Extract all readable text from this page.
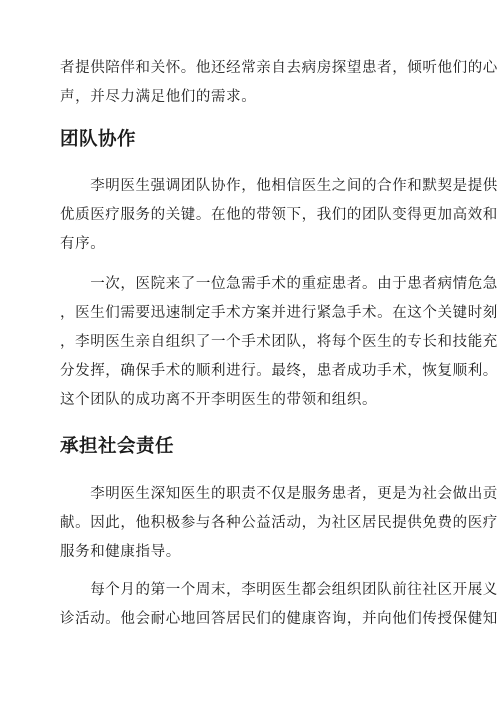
者提供陪伴和关怀。他还经常亲自去病房探望患者，倾听他们的心
声，并尽力满足他们的需求。
团队协作
　　李明医生强调团队协作，他相信医生之间的合作和默契是提供
优质医疗服务的关键。在他的带领下，我们的团队变得更加高效和
有序。
　　一次，医院来了一位急需手术的重症患者。由于患者病情危急
，医生们需要迅速制定手术方案并进行紧急手术。在这个关键时刻
，李明医生亲自组织了一个手术团队，将每个医生的专长和技能充
分发挥，确保手术的顺利进行。最终，患者成功手术，恢复顺利。
这个团队的成功离不开李明医生的带领和组织。
承担社会责任
　　李明医生深知医生的职责不仅是服务患者，更是为社会做出贡
献。因此，他积极参与各种公益活动，为社区居民提供免费的医疗
服务和健康指导。
　　每个月的第一个周末，李明医生都会组织团队前往社区开展义
诊活动。他会耐心地回答居民们的健康咨询，并向他们传授保健知
